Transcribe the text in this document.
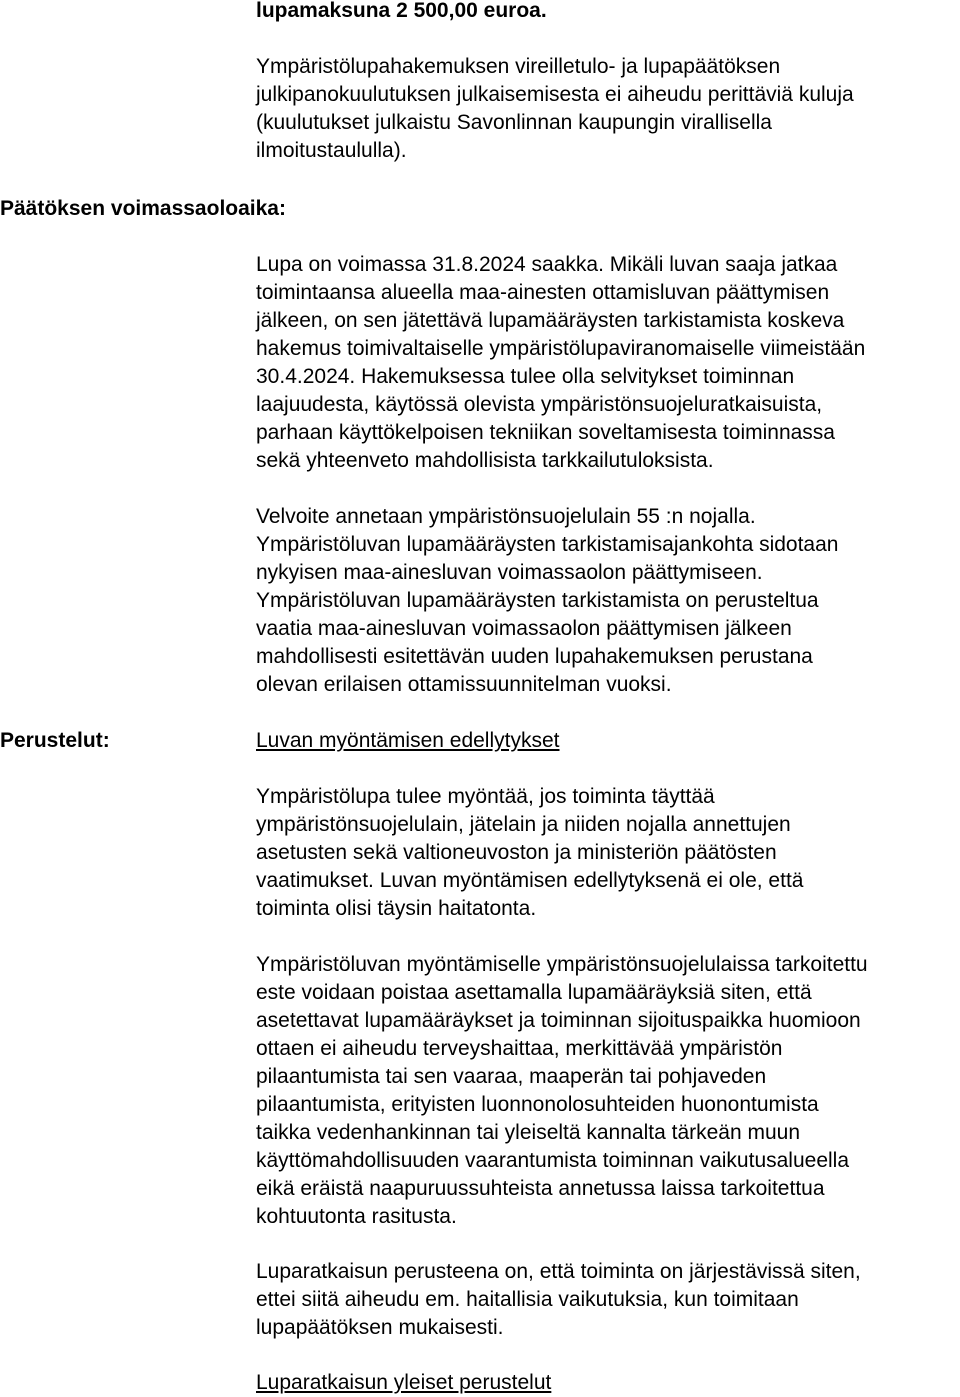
lupamaksuna 2 500,00 euroa.
Ympäristölupahakemuksen vireilletulo- ja lupapäätöksen
julkipanokuulutuksen julkaisemisesta ei aiheudu perittäviä kuluja
(kuulutukset julkaistu Savonlinnan kaupungin virallisella
ilmoitustaululla).
Päätöksen voimassaoloaika:
Lupa on voimassa 31.8.2024 saakka. Mikäli luvan saaja jatkaa
toimintaansa alueella maa-ainesten ottamisluvan päättymisen
jälkeen, on sen jätettävä lupamääräysten tarkistamista koskeva
hakemus toimivaltaiselle ympäristölupaviranomaiselle viimeistään
30.4.2024. Hakemuksessa tulee olla selvitykset toiminnan
laajuudesta, käytössä olevista ympäristönsuojeluratkaisuista,
parhaan käyttökelpoisen tekniikan soveltamisesta toiminnassa
sekä yhteenveto mahdollisista tarkkailutuloksista.
Velvoite annetaan ympäristönsuojelulain 55 :n nojalla.
Ympäristöluvan lupamääräysten tarkistamisajankohta sidotaan
nykyisen maa-ainesluvan voimassaolon päättymiseen.
Ympäristöluvan lupamääräysten tarkistamista on perusteltua
vaatia maa-ainesluvan voimassaolon päättymisen jälkeen
mahdollisesti esitettävän uuden lupahakemuksen perustana
olevan erilaisen ottamissuunnitelman vuoksi.
Perustelut:	Luvan myöntämisen edellytykset
Ympäristölupa tulee myöntää, jos toiminta täyttää
ympäristönsuojelulain, jätelain ja niiden nojalla annettujen
asetusten sekä valtioneuvoston ja ministeriön päätösten
vaatimukset. Luvan myöntämisen edellytyksenä ei ole, että
toiminta olisi täysin haitatonta.
Ympäristöluvan myöntämiselle ympäristönsuojelulaissa tarkoitettu
este voidaan poistaa asettamalla lupamääräyksiä siten, että
asetettavat lupamääräykset ja toiminnan sijoituspaikka huomioon
ottaen ei aiheudu terveyshaittaa, merkittävää ympäristön
pilaantumista tai sen vaaraa, maaperän tai pohjaveden
pilaantumista, erityisten luonnonolosuhteiden huonontumista
taikka vedenhankinnan tai yleiseltä kannalta tärkeän muun
käyttömahdollisuuden vaarantumista toiminnan vaikutusalueella
eikä eräistä naapuruussuhteista annetussa laissa tarkoitettua
kohtuutonta rasitusta.
Luparatkaisun perusteena on, että toiminta on järjestävissä siten,
ettei siitä aiheudu em. haitallisia vaikutuksia, kun toimitaan
lupapäätöksen mukaisesti.
Luparatkaisun yleiset perustelut
